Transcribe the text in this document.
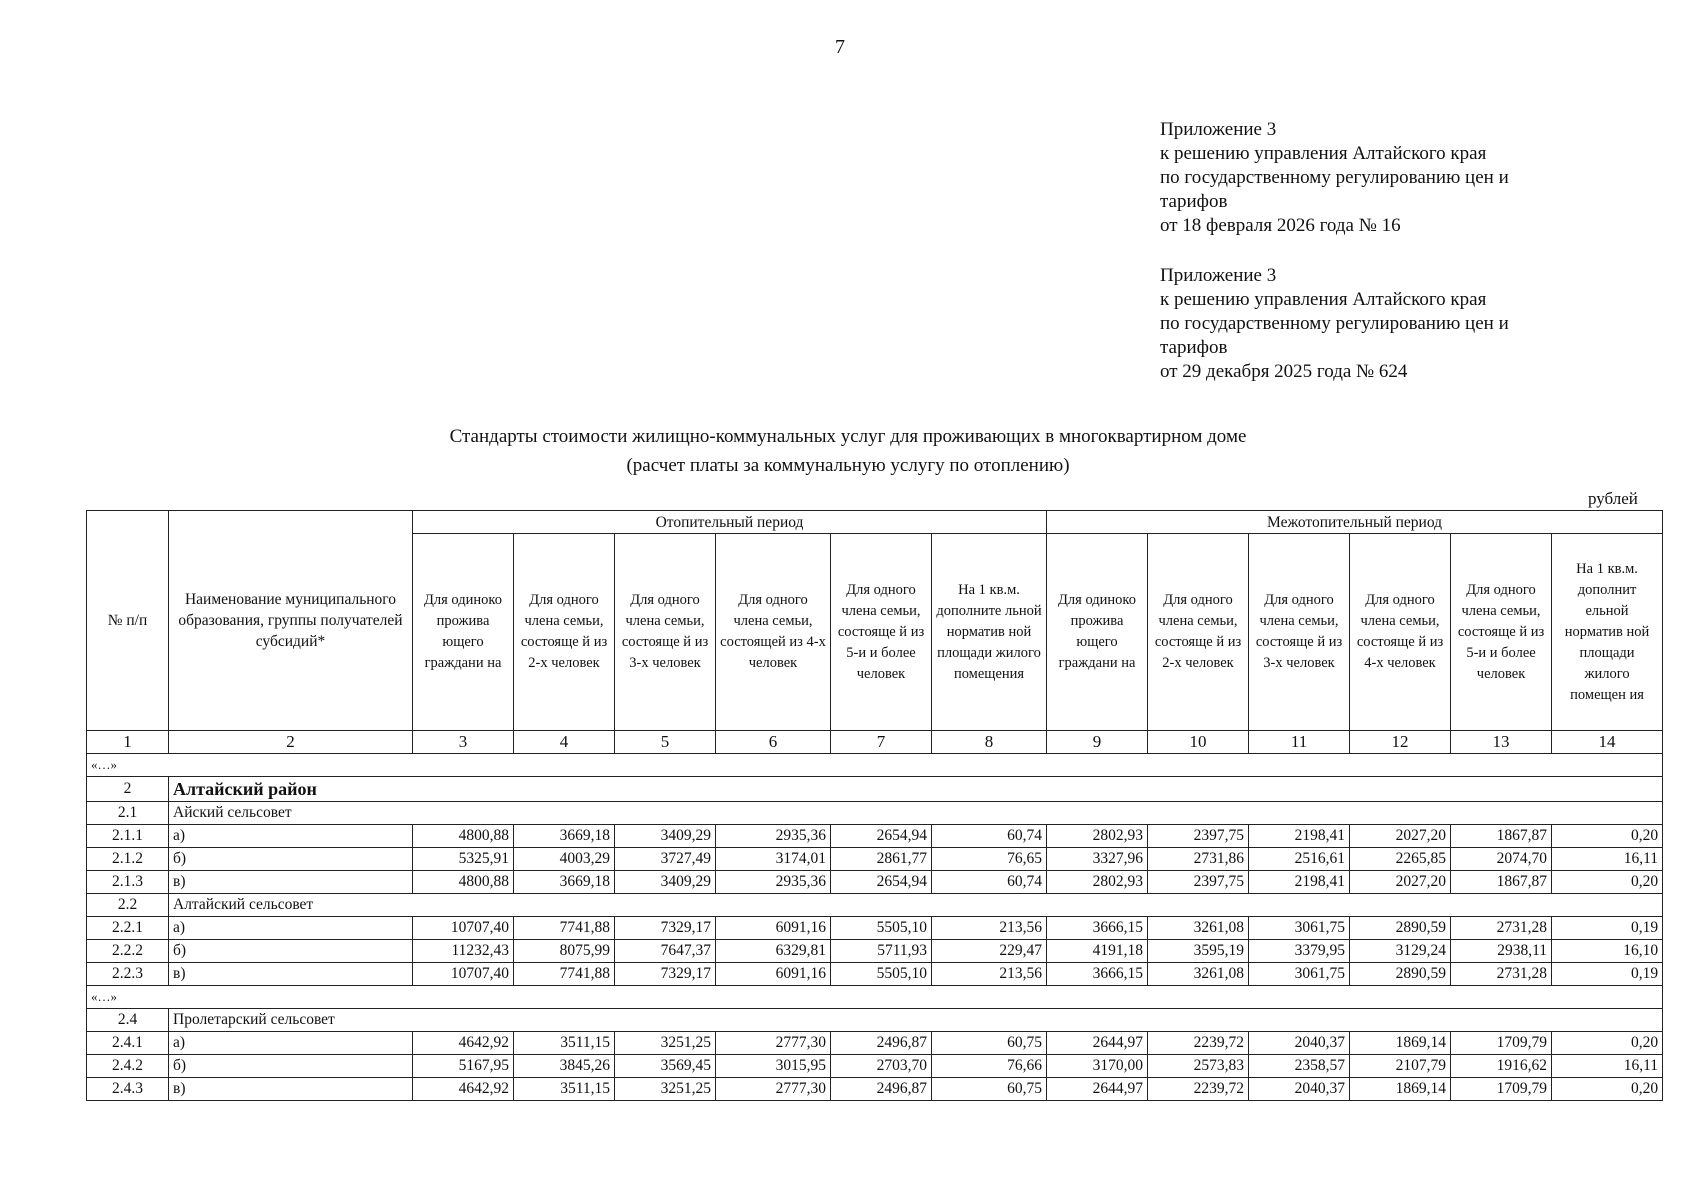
7
Приложение 3
к решению управления Алтайского края
по государственному регулированию цен и
тарифов
от 18 февраля 2026 года № 16
Приложение 3
к решению управления Алтайского края
по государственному регулированию цен и
тарифов
от 29 декабря 2025 года № 624
Стандарты стоимости жилищно-коммунальных услуг для проживающих в многоквартирном доме
(расчет платы за коммунальную услугу по отоплению)
рублей
№ п/п	Наименование муниципального образования, группы получателей субсидий*	Отопительный период						Межотопительный период					
		Для одиноко прожива ющего граждани на	Для одного члена семьи, состояще й из 2-х человек	Для одного члена семьи, состояще й из 3-х человек	Для одного члена семьи, состоящей из 4-х человек	Для одного члена семьи, состояще й из 5-и и более человек	На 1 кв.м. дополните льной норматив ной площади жилого помещения	Для одиноко прожива ющего граждани на	Для одного члена семьи, состояще й из 2-х человек	Для одного члена семьи, состояще й из 3-х человек	Для одного члена семьи, состояще й из 4-х человек	Для одного члена семьи, состояще й из 5-и и более человек	На 1 кв.м. дополнит ельной норматив ной площади жилого помещен ия
1	2	3	4	5	6	7	8	9	10	11	12	13	14
«…»													
2	Алтайский район												
2.1	Айский сельсовет												
2.1.1	а)	4800,88	3669,18	3409,29	2935,36	2654,94	60,74	2802,93	2397,75	2198,41	2027,20	1867,87	0,20
2.1.2	б)	5325,91	4003,29	3727,49	3174,01	2861,77	76,65	3327,96	2731,86	2516,61	2265,85	2074,70	16,11
2.1.3	в)	4800,88	3669,18	3409,29	2935,36	2654,94	60,74	2802,93	2397,75	2198,41	2027,20	1867,87	0,20
2.2	Алтайский сельсовет												
2.2.1	а)	10707,40	7741,88	7329,17	6091,16	5505,10	213,56	3666,15	3261,08	3061,75	2890,59	2731,28	0,19
2.2.2	б)	11232,43	8075,99	7647,37	6329,81	5711,93	229,47	4191,18	3595,19	3379,95	3129,24	2938,11	16,10
2.2.3	в)	10707,40	7741,88	7329,17	6091,16	5505,10	213,56	3666,15	3261,08	3061,75	2890,59	2731,28	0,19
«…»													
2.4	Пролетарский сельсовет												
2.4.1	а)	4642,92	3511,15	3251,25	2777,30	2496,87	60,75	2644,97	2239,72	2040,37	1869,14	1709,79	0,20
2.4.2	б)	5167,95	3845,26	3569,45	3015,95	2703,70	76,66	3170,00	2573,83	2358,57	2107,79	1916,62	16,11
2.4.3	в)	4642,92	3511,15	3251,25	2777,30	2496,87	60,75	2644,97	2239,72	2040,37	1869,14	1709,79	0,20
